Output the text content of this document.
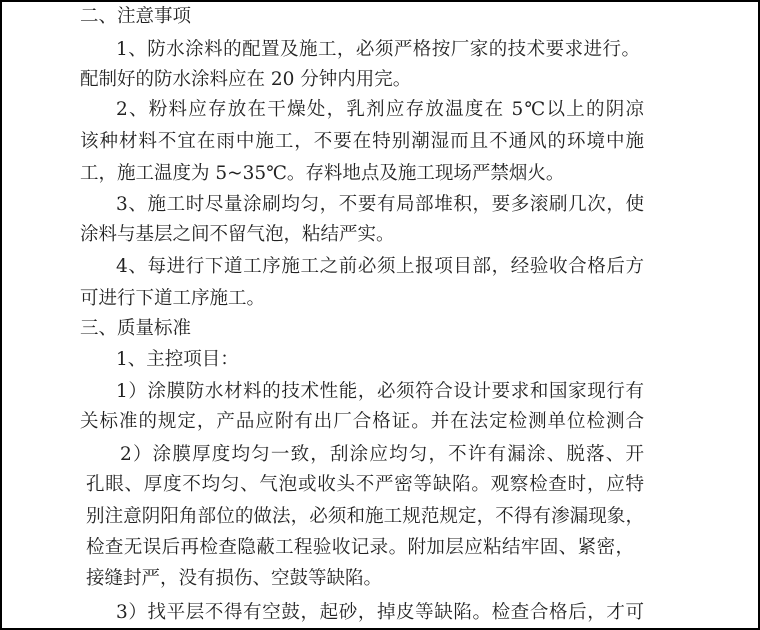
二、注意事项
1、防水涂料的配置及施工，必须严格按厂家的技术要求进行。
配制好的防水涂料应在 20 分钟内用完。
2、粉料应存放在干燥处，乳剂应存放温度在 5℃以上的阴凉
该种材料不宜在雨中施工，不要在特别潮湿而且不通风的环境中施
工，施工温度为 5~35℃。存料地点及施工现场严禁烟火。
3、施工时尽量涂刷均匀，不要有局部堆积，要多滚刷几次，使
涂料与基层之间不留气泡，粘结严实。
4、每进行下道工序施工之前必须上报项目部，经验收合格后方
可进行下道工序施工。
三、质量标准
1、主控项目：
1）涂膜防水材料的技术性能，必须符合设计要求和国家现行有
关标准的规定，产品应附有出厂合格证。并在法定检测单位检测合
2）涂膜厚度均匀一致，刮涂应均匀，不许有漏涂、脱落、开
孔眼、厚度不均匀、气泡或收头不严密等缺陷。观察检查时，应特
别注意阴阳角部位的做法，必须和施工规范规定，不得有渗漏现象，
检查无误后再检查隐蔽工程验收记录。附加层应粘结牢固、紧密，
接缝封严，没有损伤、空鼓等缺陷。
3）找平层不得有空鼓，起砂，掉皮等缺陷。检查合格后，才可
